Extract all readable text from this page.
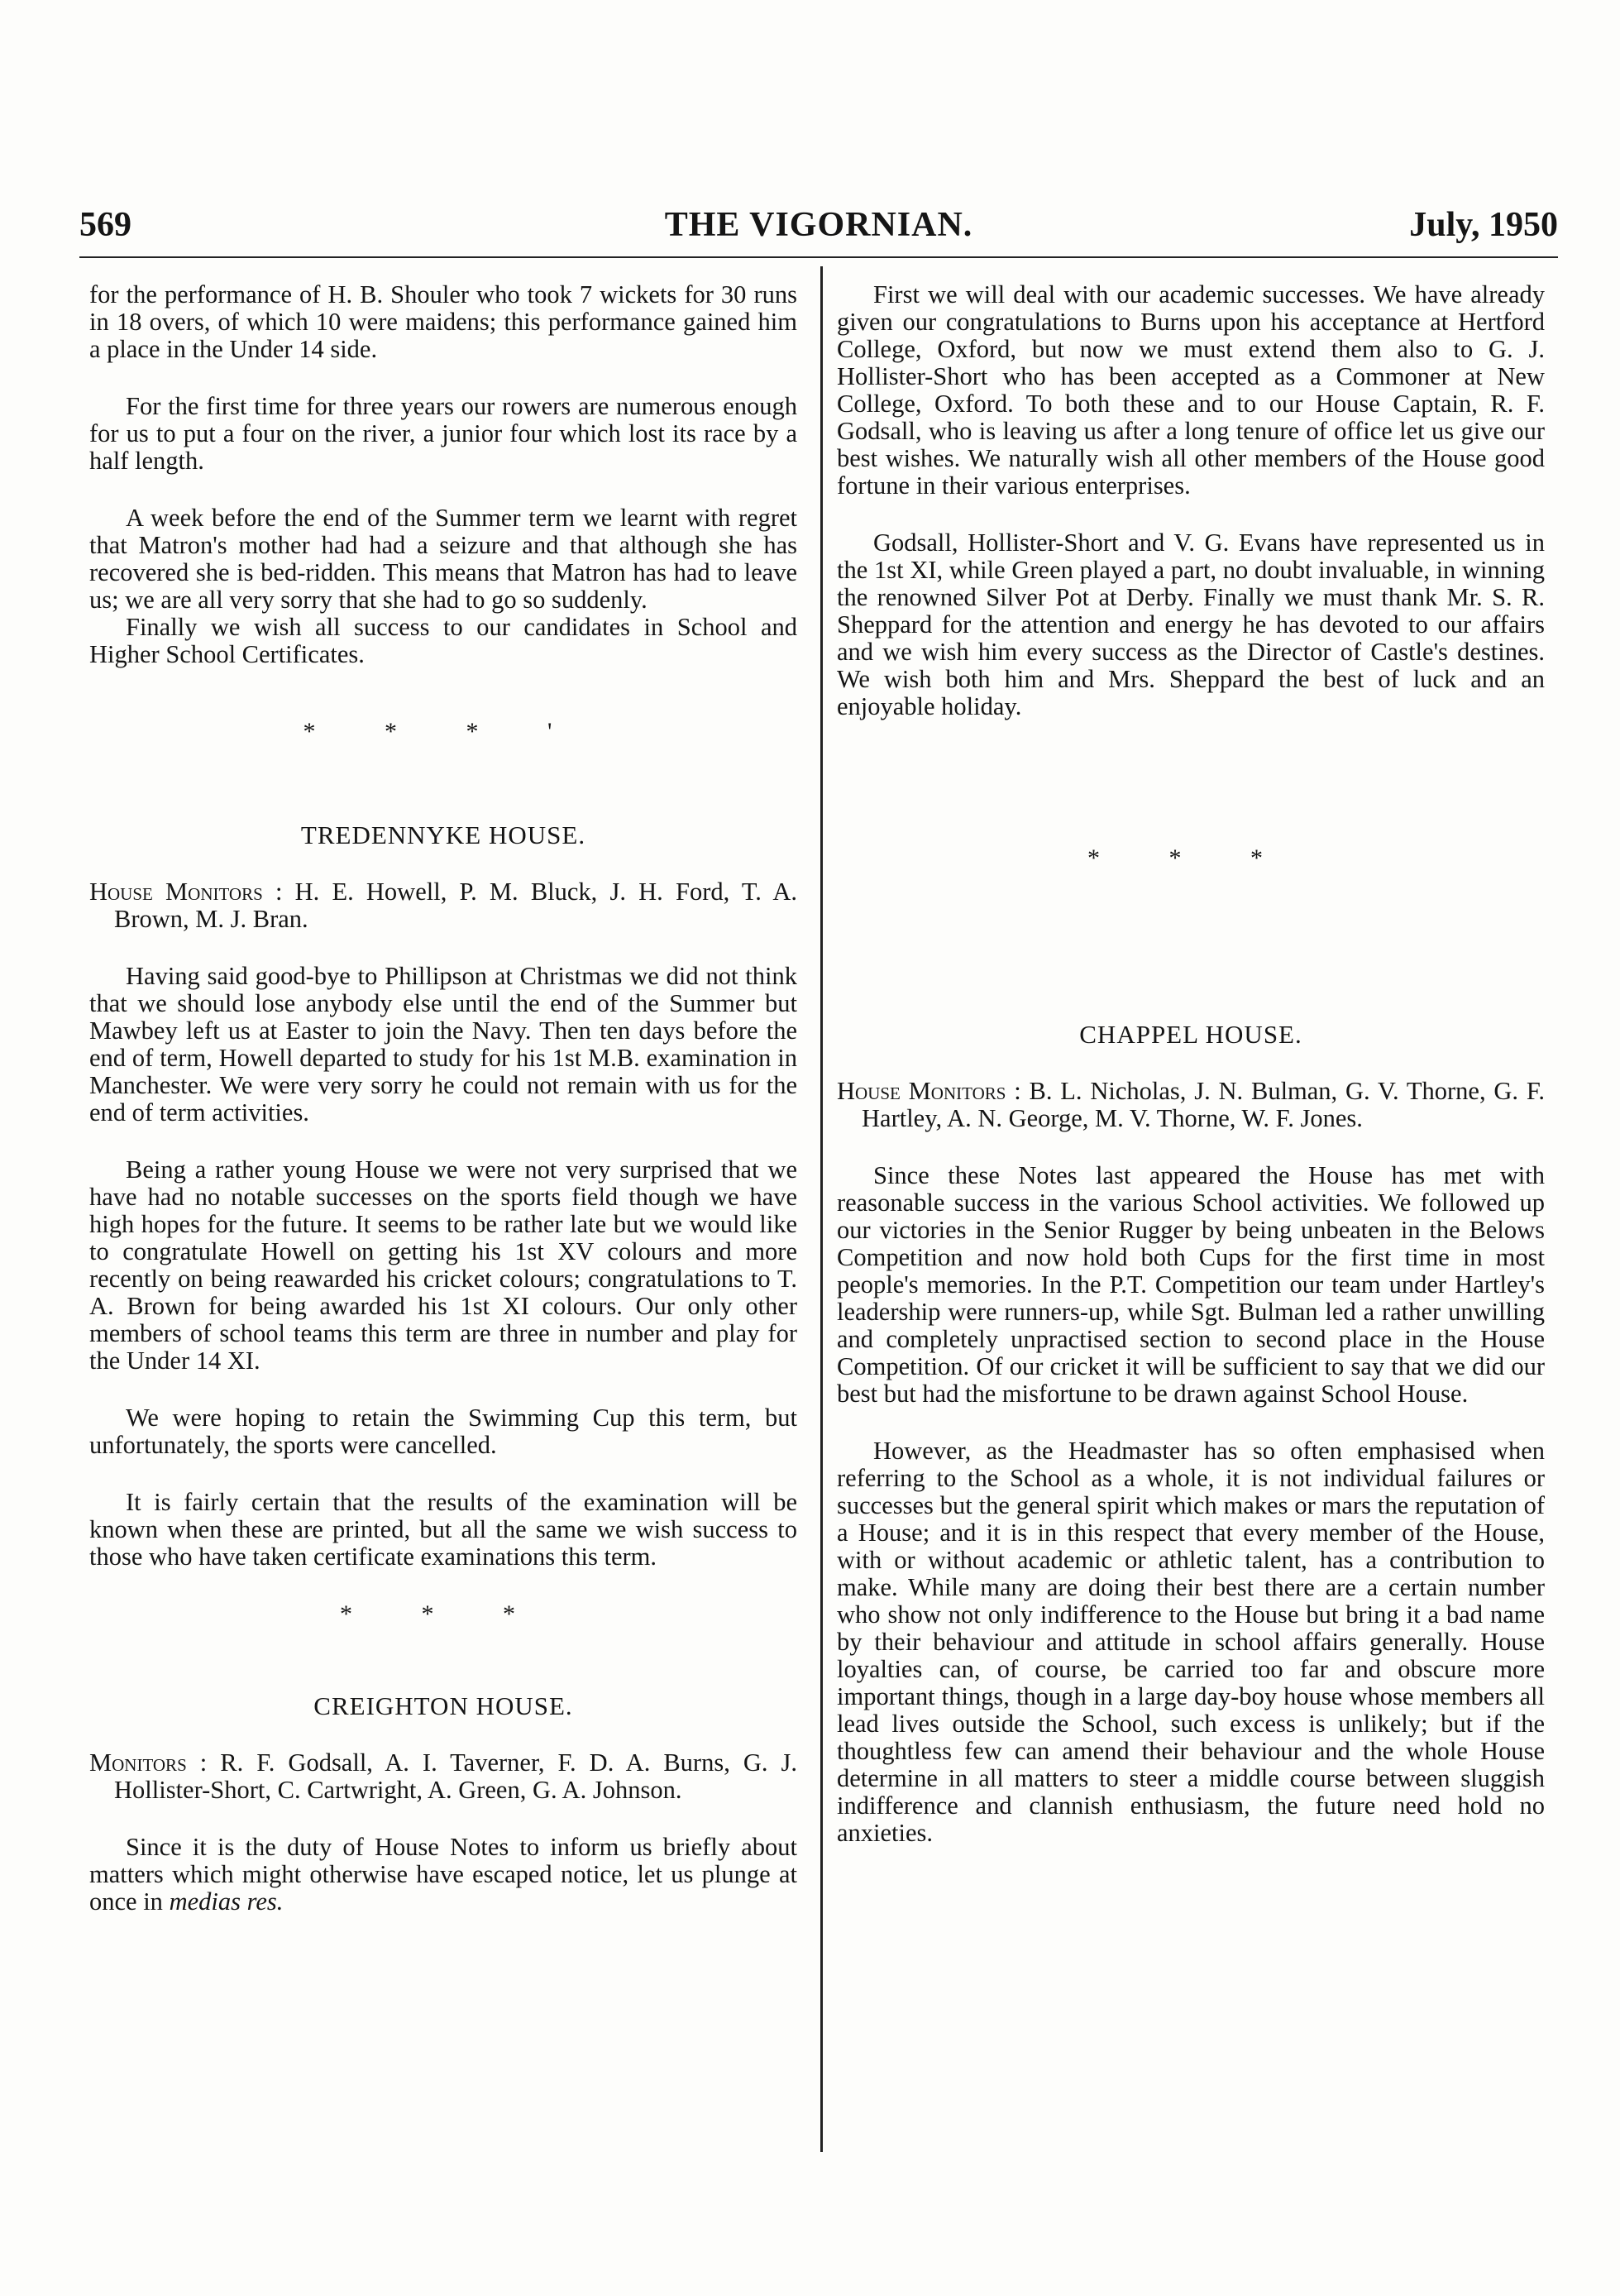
569	THE VIGORNIAN.	July, 1950

for the performance of H. B. Shouler who took 7 wickets for 30 runs in 18 overs, of which 10 were maidens; this performance gained him a place in the Under 14 side.

For the first time for three years our rowers are numerous enough for us to put a four on the river, a junior four which lost its race by a half length.

A week before the end of the Summer term we learnt with regret that Matron's mother had had a seizure and that although she has recovered she is bed-ridden. This means that Matron has had to leave us; we are all very sorry that she had to go so suddenly.

Finally we wish all success to our candidates in School and Higher School Certificates.

* * * '
TREDENNYKE HOUSE.

House Monitors : H. E. Howell, P. M. Bluck, J. H. Ford, T. A. Brown, M. J. Bran.

Having said good-bye to Phillipson at Christmas we did not think that we should lose anybody else until the end of the Summer but Mawbey left us at Easter to join the Navy. Then ten days before the end of term, Howell departed to study for his 1st M.B. examination in Manchester. We were very sorry he could not remain with us for the end of term activities.

Being a rather young House we were not very surprised that we have had no notable successes on the sports field though we have high hopes for the future. It seems to be rather late but we would like to congratulate Howell on getting his 1st XV colours and more recently on being reawarded his cricket colours; congratulations to T. A. Brown for being awarded his 1st XI colours. Our only other members of school teams this term are three in number and play for the Under 14 XI.

We were hoping to retain the Swimming Cup this term, but unfortunately, the sports were cancelled.

It is fairly certain that the results of the examination will be known when these are printed, but all the same we wish success to those who have taken certificate examinations this term.

* * *
CREIGHTON HOUSE.

Monitors : R. F. Godsall, A. I. Taverner, F. D. A. Burns, G. J. Hollister-Short, C. Cartwright, A. Green, G. A. Johnson.

Since it is the duty of House Notes to inform us briefly about matters which might otherwise have escaped notice, let us plunge at once in medias res.

First we will deal with our academic successes. We have already given our congratulations to Burns upon his acceptance at Hertford College, Oxford, but now we must extend them also to G. J. Hollister-Short who has been accepted as a Commoner at New College, Oxford. To both these and to our House Captain, R. F. Godsall, who is leaving us after a long tenure of office let us give our best wishes. We naturally wish all other members of the House good fortune in their various enterprises.

Godsall, Hollister-Short and V. G. Evans have represented us in the 1st XI, while Green played a part, no doubt invaluable, in winning the renowned Silver Pot at Derby. Finally we must thank Mr. S. R. Sheppard for the attention and energy he has devoted to our affairs and we wish him every success as the Director of Castle's destines. We wish both him and Mrs. Sheppard the best of luck and an enjoyable holiday.

* * *
CHAPPEL HOUSE.

House Monitors : B. L. Nicholas, J. N. Bulman, G. V. Thorne, G. F. Hartley, A. N. George, M. V. Thorne, W. F. Jones.

Since these Notes last appeared the House has met with reasonable success in the various School activities. We followed up our victories in the Senior Rugger by being unbeaten in the Belows Competition and now hold both Cups for the first time in most people's memories. In the P.T. Competition our team under Hartley's leadership were runners-up, while Sgt. Bulman led a rather unwilling and completely unpractised section to second place in the House Competition. Of our cricket it will be sufficient to say that we did our best but had the misfortune to be drawn against School House.

However, as the Headmaster has so often emphasised when referring to the School as a whole, it is not individual failures or successes but the general spirit which makes or mars the reputation of a House; and it is in this respect that every member of the House, with or without academic or athletic talent, has a contribution to make. While many are doing their best there are a certain number who show not only indifference to the House but bring it a bad name by their behaviour and attitude in school affairs generally. House loyalties can, of course, be carried too far and obscure more important things, though in a large day-boy house whose members all lead lives outside the School, such excess is unlikely; but if the thoughtless few can amend their behaviour and the whole House determine in all matters to steer a middle course between sluggish indifference and clannish enthusiasm, the future need hold no anxieties.
